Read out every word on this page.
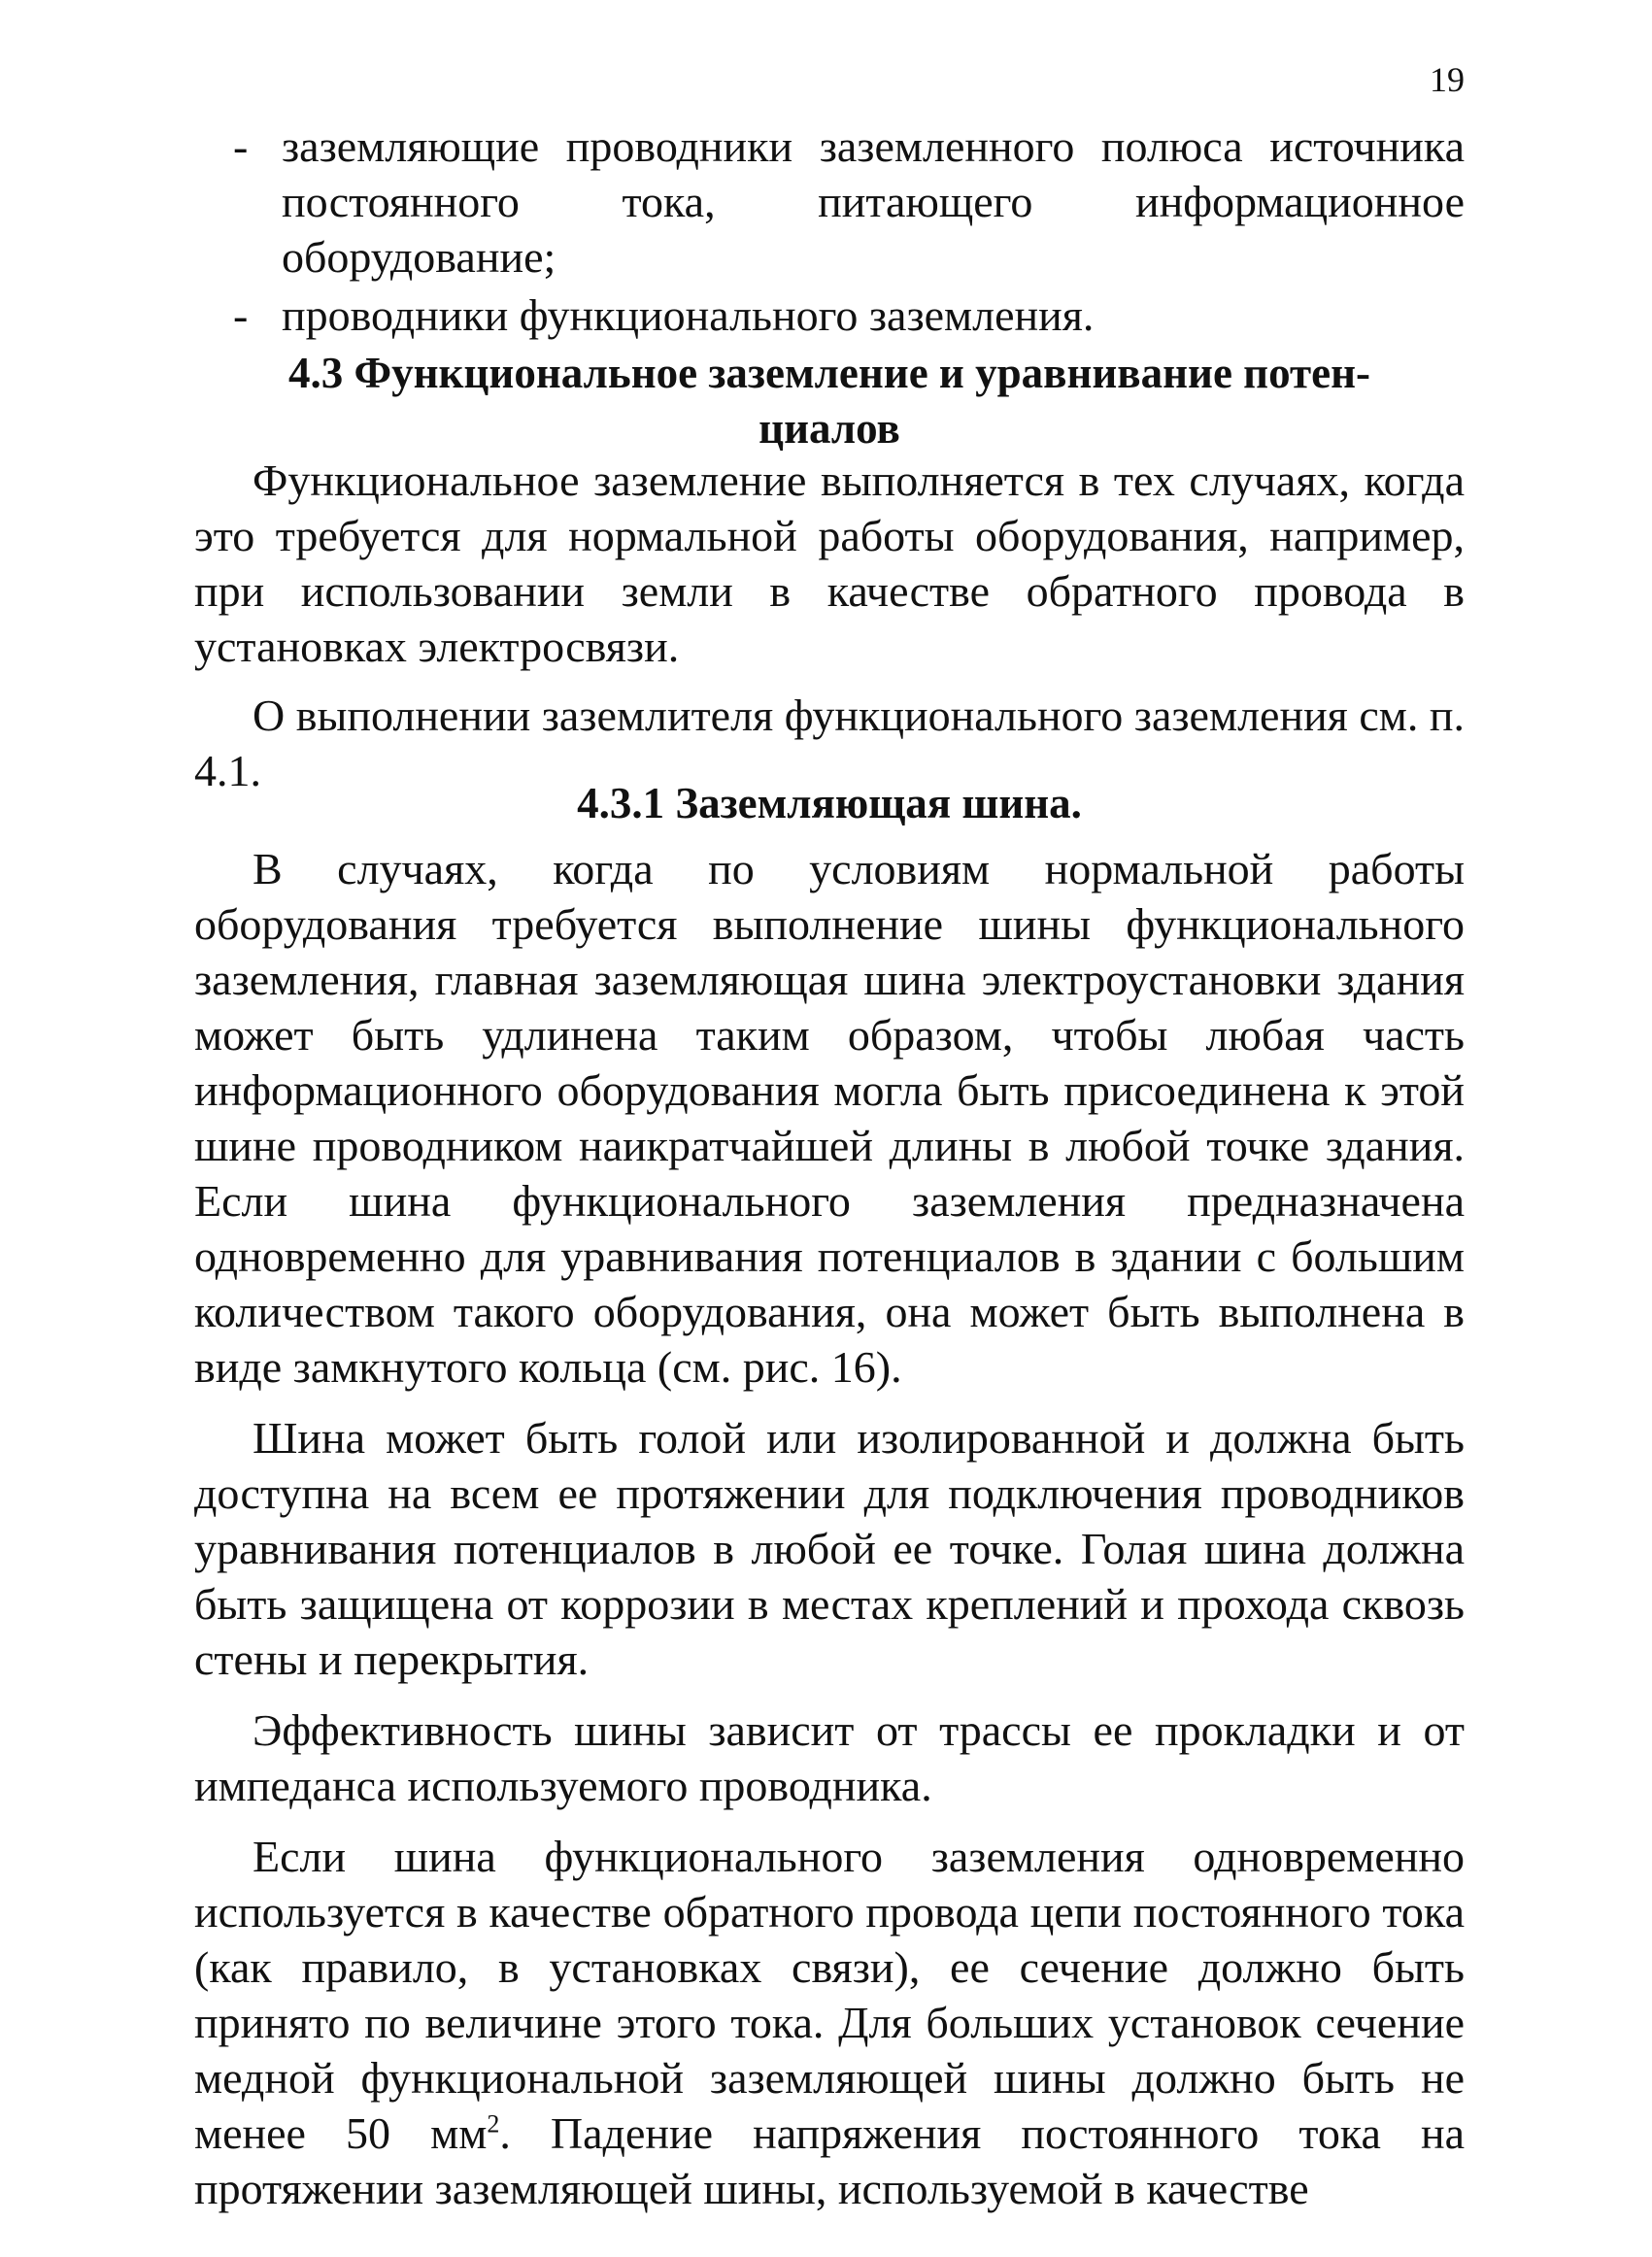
19
- заземляющие проводники заземленного полюса источника постоянного тока, питающего информационное оборудование;
- проводники функционального заземления.
4.3 Функциональное заземление и уравнивание потен-
циалов

Функциональное заземление выполняется в тех случаях, когда это требуется для нормальной работы оборудования, например, при использовании земли в качестве обратного провода в установках электросвязи.

О выполнении заземлителя функционального заземления см. п. 4.1.

4.3.1 Заземляющая шина.

В случаях, когда по условиям нормальной работы оборудования требуется выполнение шины функционального заземления, главная заземляющая шина электроустановки здания может быть удлинена таким образом, чтобы любая часть информационного оборудования могла быть присоединена к этой шине проводником наикратчайшей длины в любой точке здания. Если шина функционального заземления предназначена одновременно для уравнивания потенциалов в здании с большим количеством такого оборудования, она может быть выполнена в виде замкнутого кольца (см. рис. 16).

Шина может быть голой или изолированной и должна быть доступна на всем ее протяжении для подключения проводников уравнивания потенциалов в любой ее точке. Голая шина должна быть защищена от коррозии в местах креплений и прохода сквозь стены и перекрытия.

Эффективность шины зависит от трассы ее прокладки и от импеданса используемого проводника.

Если шина функционального заземления одновременно используется в качестве обратного провода цепи постоянного тока (как правило, в установках связи), ее сечение должно быть принято по величине этого тока. Для больших установок сечение медной функциональной заземляющей шины должно быть не менее 50 $мм^2$. Падение напряжения постоянного тока на протяжении заземляющей шины, используемой в качестве
